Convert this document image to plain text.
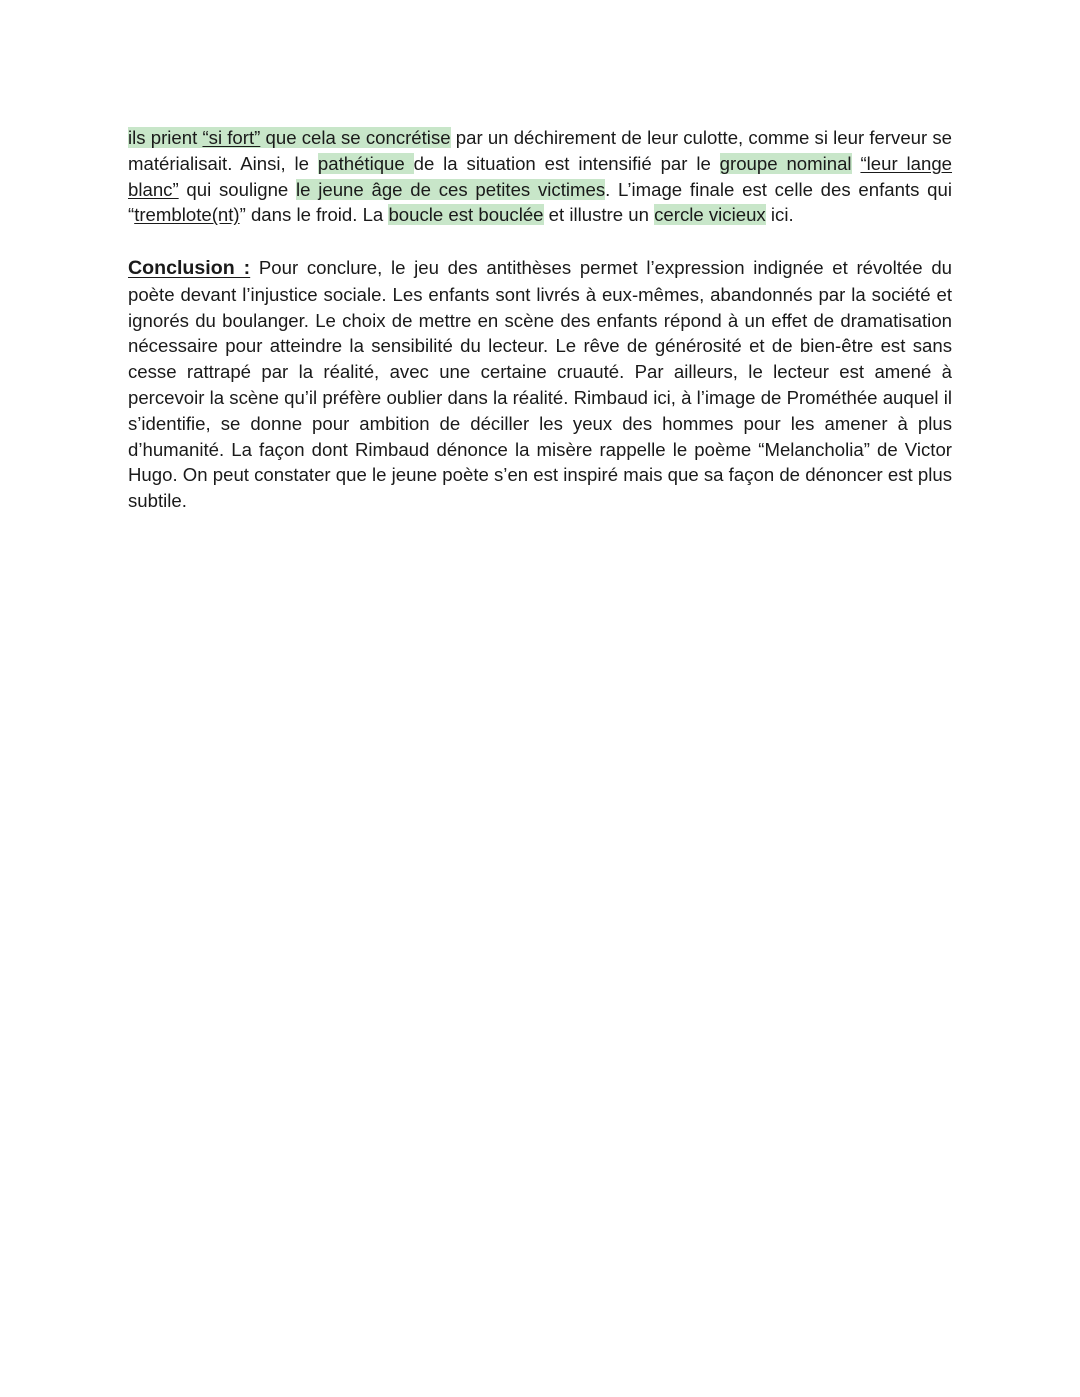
ils prient “si fort” que cela se concrétise par un déchirement de leur culotte, comme si leur ferveur se matérialisait. Ainsi, le pathétique de la situation est intensifié par le groupe nominal “leur lange blanc” qui souligne le jeune âge de ces petites victimes. L’image finale est celle des enfants qui “tremblote(nt)” dans le froid. La boucle est bouclée et illustre un cercle vicieux ici.

Conclusion : Pour conclure, le jeu des antithèses permet l’expression indignée et révoltée du poète devant l’injustice sociale. Les enfants sont livrés à eux-mêmes, abandonnés par la société et ignorés du boulanger. Le choix de mettre en scène des enfants répond à un effet de dramatisation nécessaire pour atteindre la sensibilité du lecteur. Le rêve de générosité et de bien-être est sans cesse rattrapé par la réalité, avec une certaine cruauté. Par ailleurs, le lecteur est amené à percevoir la scène qu’il préfère oublier dans la réalité. Rimbaud ici, à l’image de Prométhée auquel il s’identifie, se donne pour ambition de déciller les yeux des hommes pour les amener à plus d’humanité. La façon dont Rimbaud dénonce la misère rappelle le poème “Melancholia” de Victor Hugo. On peut constater que le jeune poète s’en est inspiré mais que sa façon de dénoncer est plus subtile.
